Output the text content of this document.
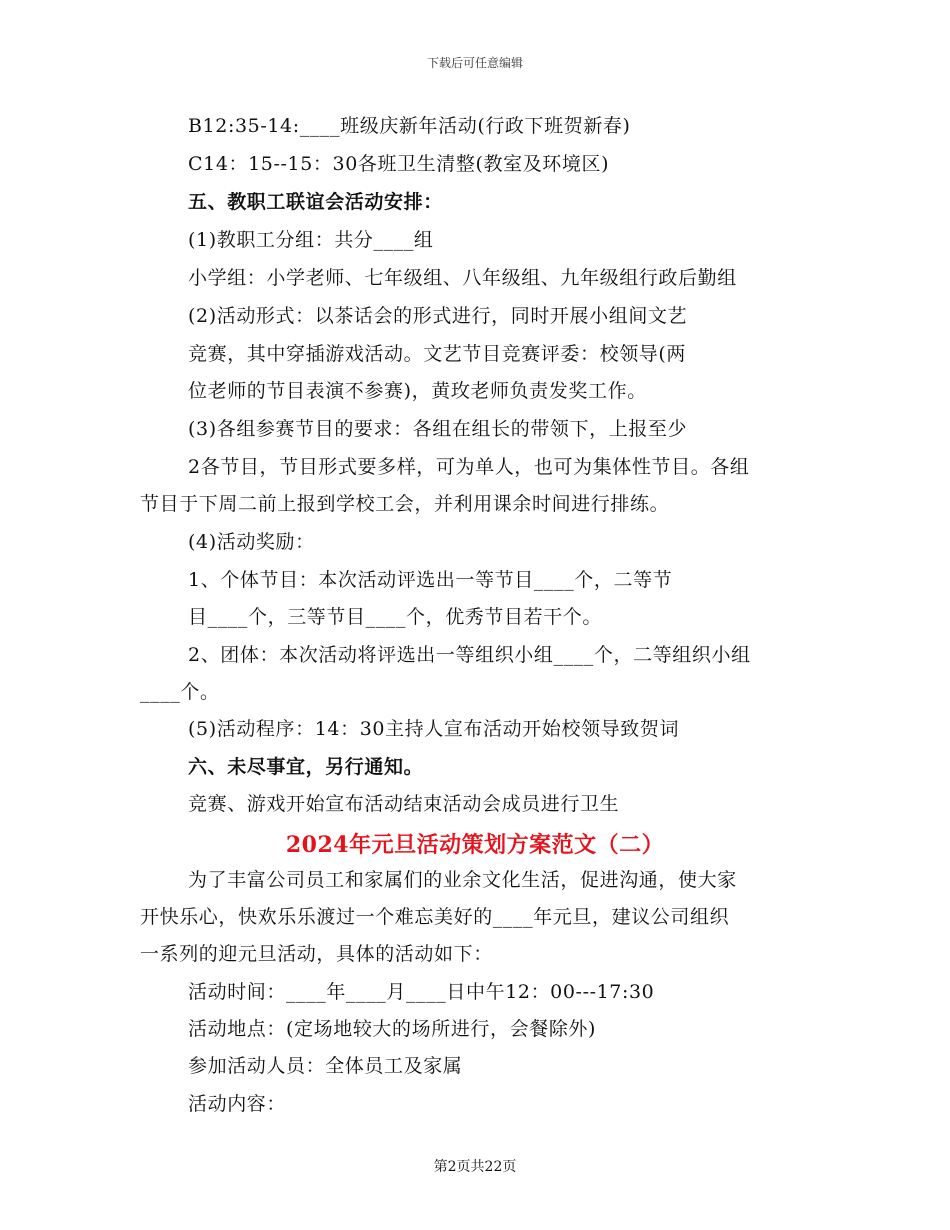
下载后可任意编辑
B12:35-14:____班级庆新年活动(行政下班贺新春)
C14：15--15：30各班卫生清整(教室及环境区)
五、教职工联谊会活动安排：
(1)教职工分组：共分____组
小学组：小学老师、七年级组、八年级组、九年级组行政后勤组
(2)活动形式：以茶话会的形式进行，同时开展小组间文艺
竞赛，其中穿插游戏活动。文艺节目竞赛评委：校领导(两
位老师的节目表演不参赛)，黄玫老师负责发奖工作。
(3)各组参赛节目的要求：各组在组长的带领下，上报至少
2各节目，节目形式要多样，可为单人，也可为集体性节目。各组
节目于下周二前上报到学校工会，并利用课余时间进行排练。
(4)活动奖励：
1、个体节目：本次活动评选出一等节目____个，二等节
目____个，三等节目____个，优秀节目若干个。
2、团体：本次活动将评选出一等组织小组____个，二等组织小组
____个。
(5)活动程序：14：30主持人宣布活动开始校领导致贺词
六、未尽事宜，另行通知。
竞赛、游戏开始宣布活动结束活动会成员进行卫生
2024年元旦活动策划方案范文（二）
为了丰富公司员工和家属们的业余文化生活，促进沟通，使大家
开快乐心，快欢乐乐渡过一个难忘美好的____年元旦，建议公司组织
一系列的迎元旦活动，具体的活动如下：
活动时间：____年____月____日中午12：00---17:30
活动地点：(定场地较大的场所进行，会餐除外)
参加活动人员：全体员工及家属
活动内容：
第2页共22页
